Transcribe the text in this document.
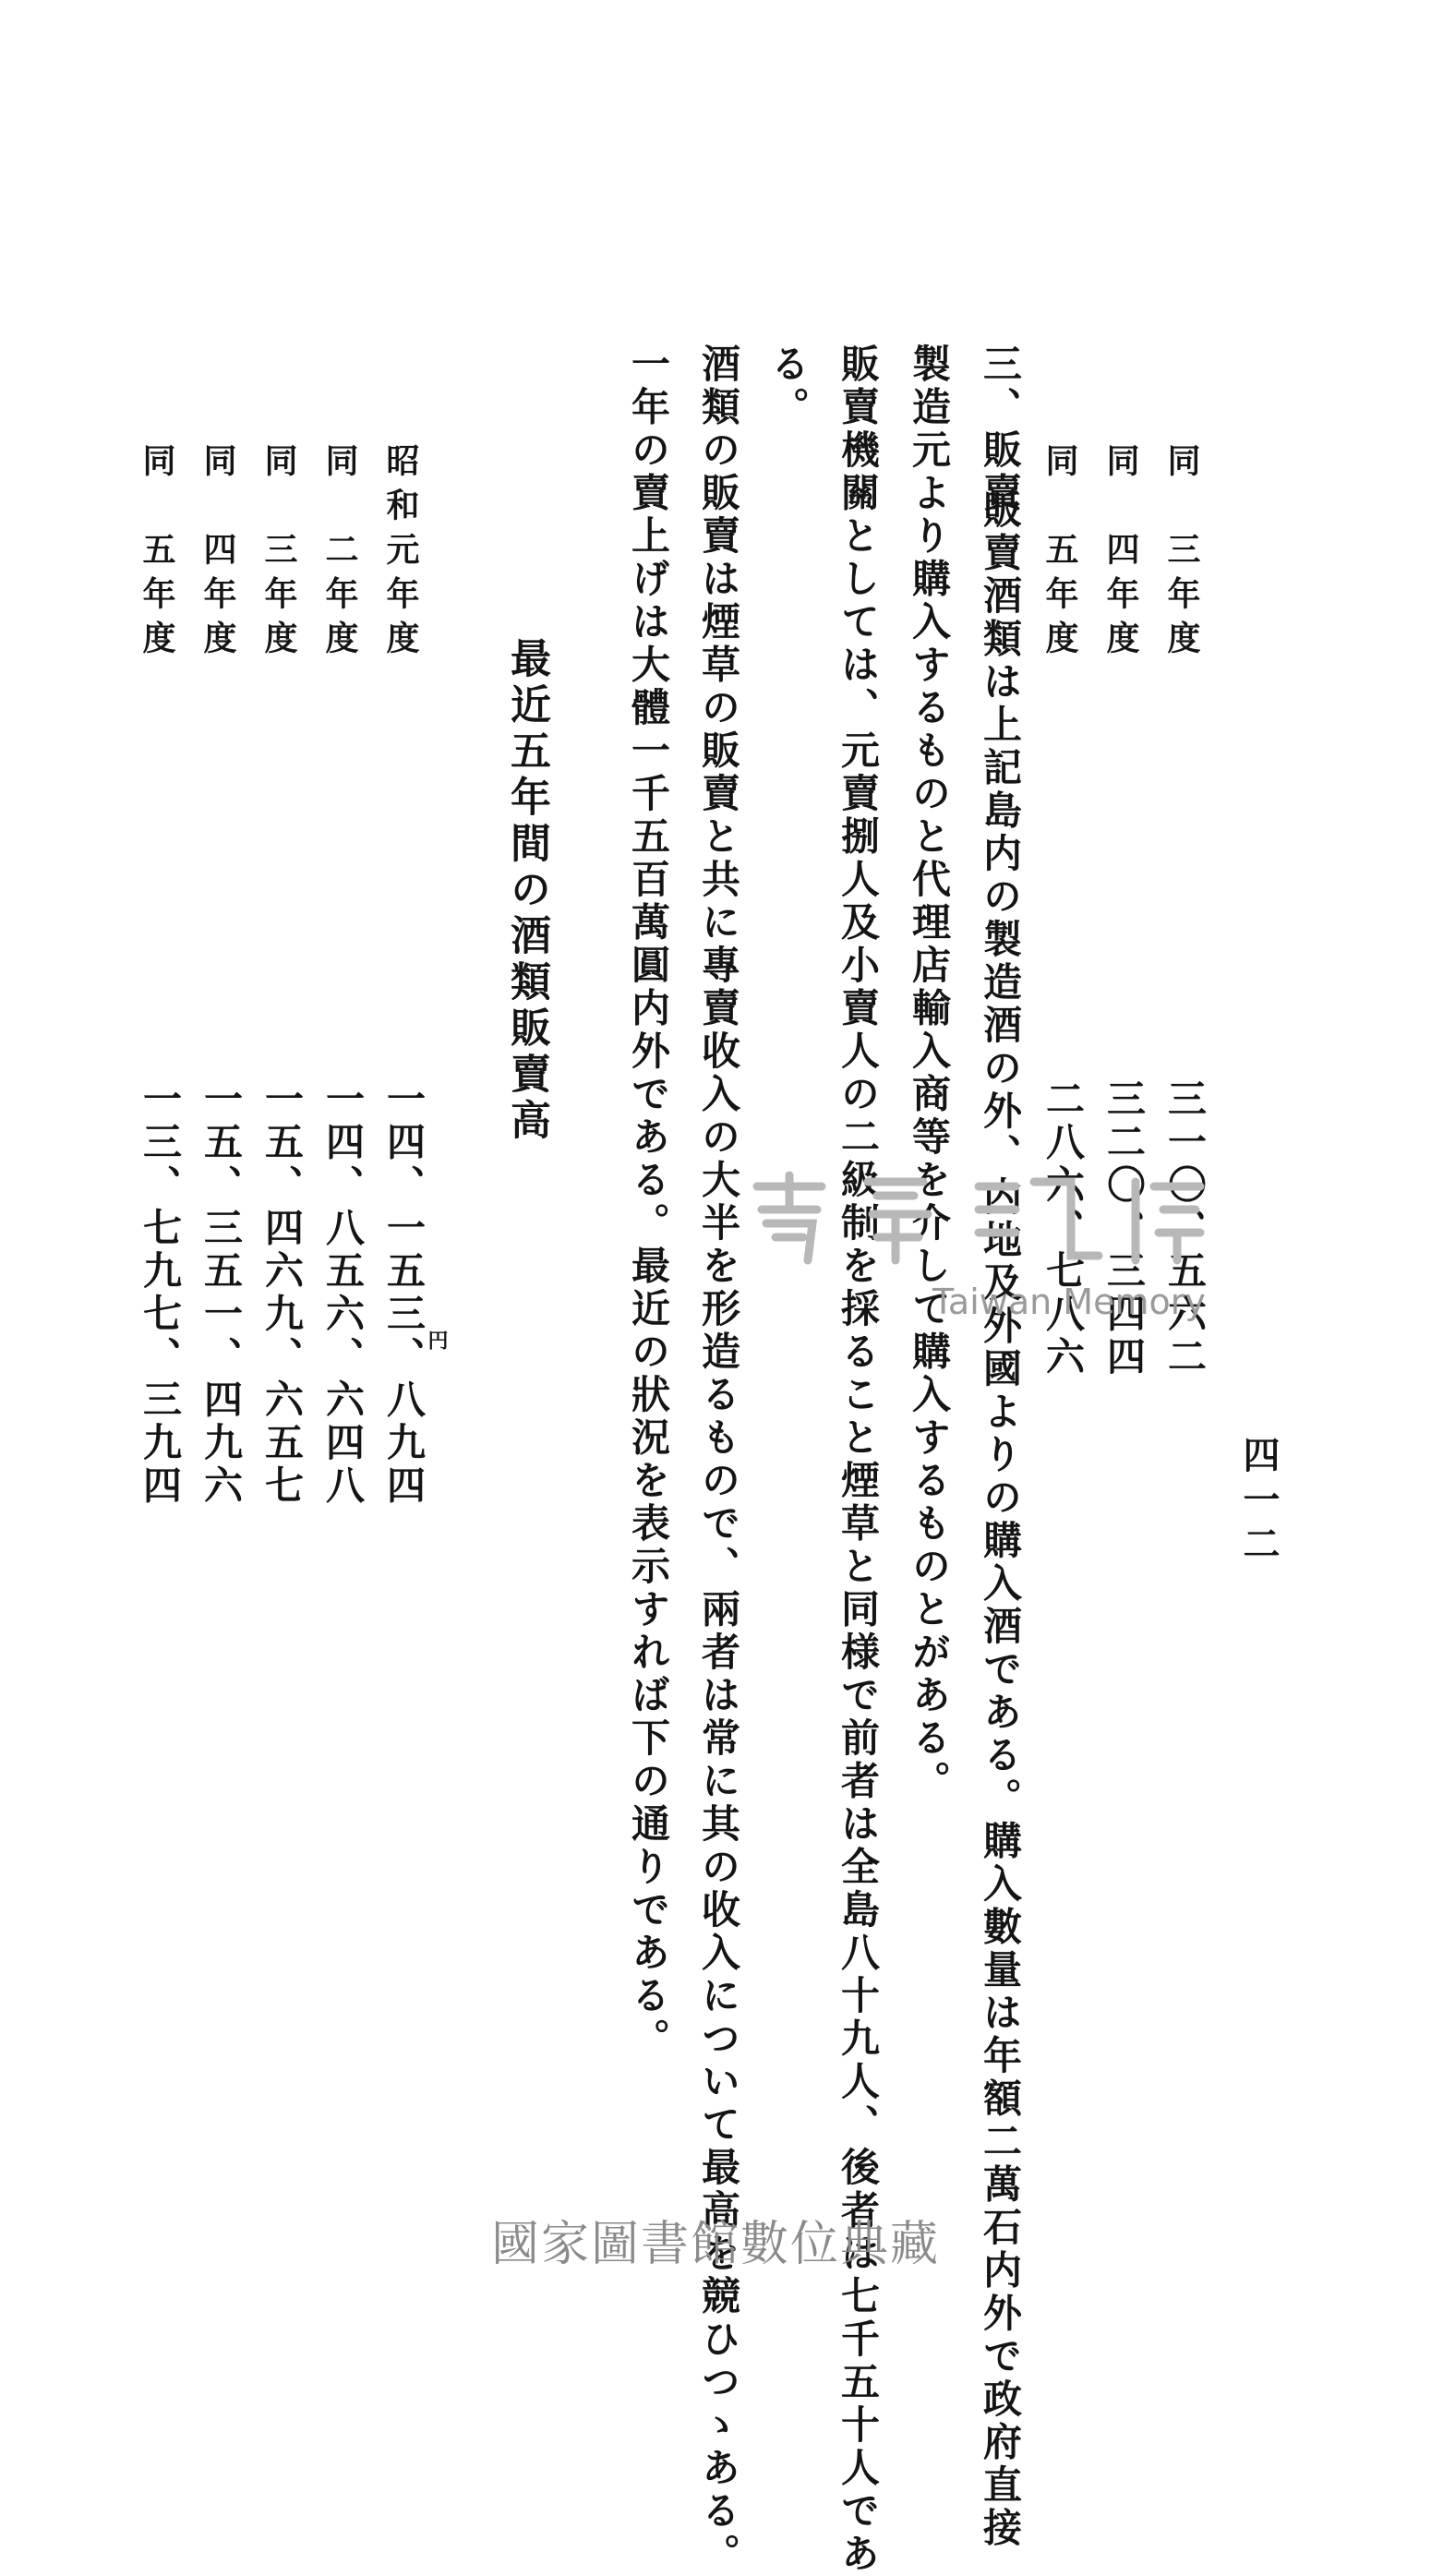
四一二
同　三年度
三一〇、五六二
同　四年度
三二〇、三四四
同　五年度
二八六、七八六
三、販賣
販賣酒類は上記島内の製造酒の外、内地及外國よりの購入酒である。購入數量は年額二萬石内外で政府直接
製造元より購入するものと代理店輸入商等を介して購入するものとがある。
販賣機關としては、元賣捌人及小賣人の二級制を採ること煙草と同様で前者は全島八十九人、後者は七千五十人であ
る。
酒類の販賣は煙草の販賣と共に專賣收入の大半を形造るもので、兩者は常に其の收入について最高を競ひつゝある。
一年の賣上げは大體一千五百萬圓内外である。最近の狀況を表示すれば下の通りである。
最近五年間の酒類販賣高
昭和元年度
一四、一五三、八九四
円
同　二年度
一四、八五六、六四八
同　三年度
一五、四六九、六五七
同　四年度
一五、三五一、四九六
同　五年度
一三、七九七、三九四	Taiwan Memory
國家圖書館數位典藏
